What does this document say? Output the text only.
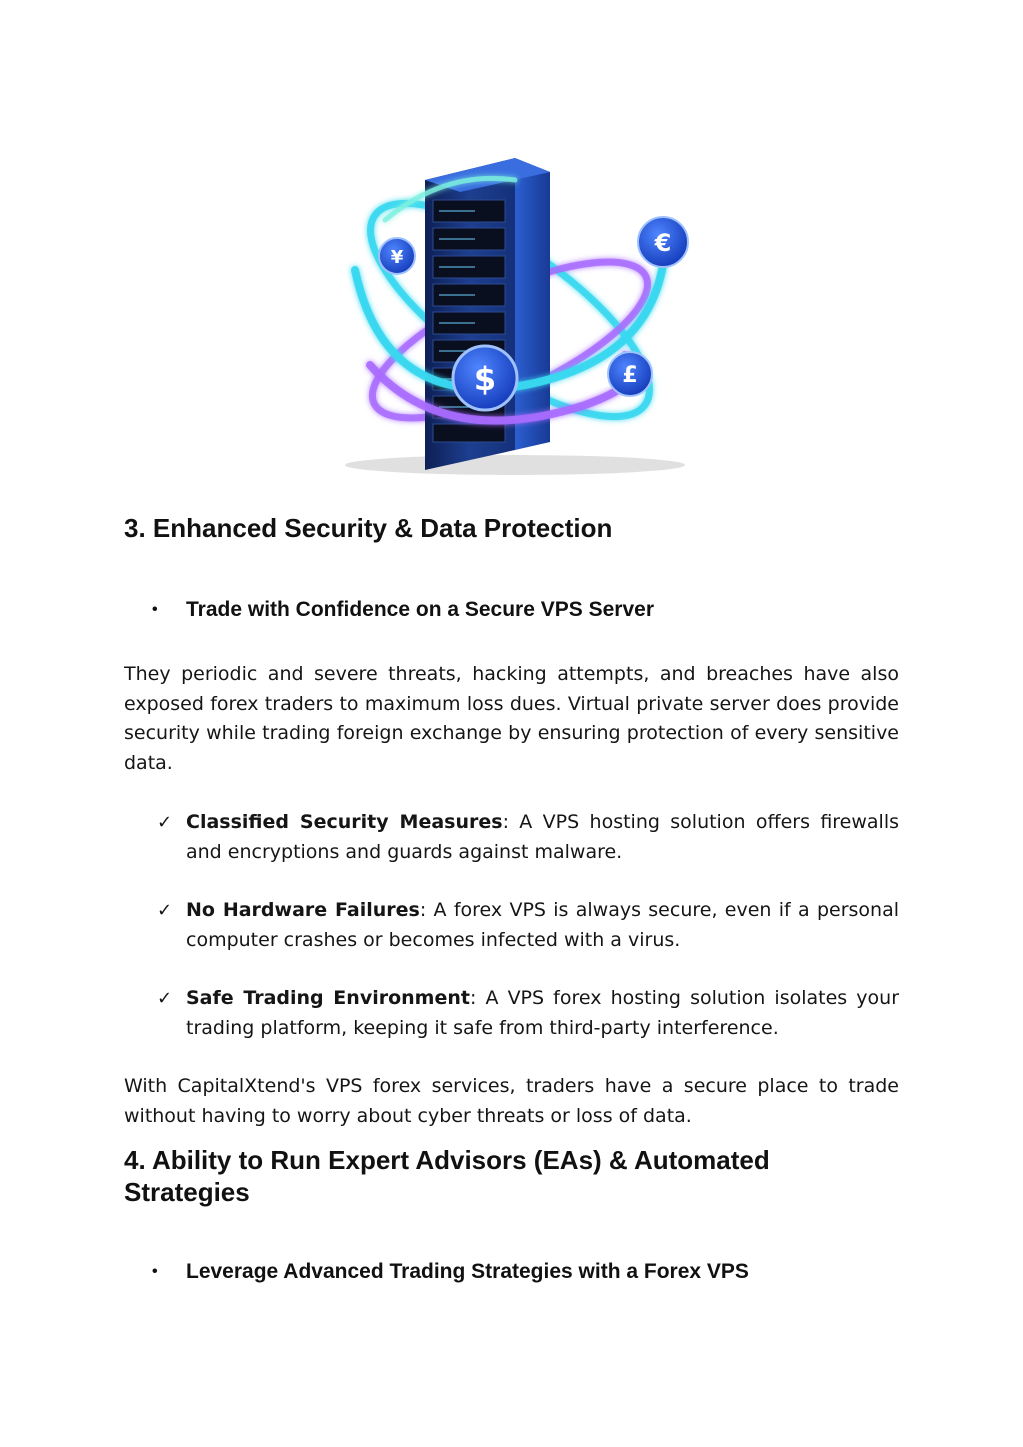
¥
€
$	£
3. Enhanced Security & Data Protection
• Trade with Confidence on a Secure VPS Server

They periodic and severe threats, hacking attempts, and breaches have also exposed forex traders to maximum loss dues. Virtual private server does provide security while trading foreign exchange by ensuring protection of every sensitive data.

✓ Classified Security Measures: A VPS hosting solution offers firewalls and encryptions and guards against malware.
✓ No Hardware Failures: A forex VPS is always secure, even if a personal computer crashes or becomes infected with a virus.
✓ Safe Trading Environment: A VPS forex hosting solution isolates your trading platform, keeping it safe from third-party interference.

With CapitalXtend's VPS forex services, traders have a secure place to trade without having to worry about cyber threats or loss of data.

4. Ability to Run Expert Advisors (EAs) & Automated Strategies
• Leverage Advanced Trading Strategies with a Forex VPS
